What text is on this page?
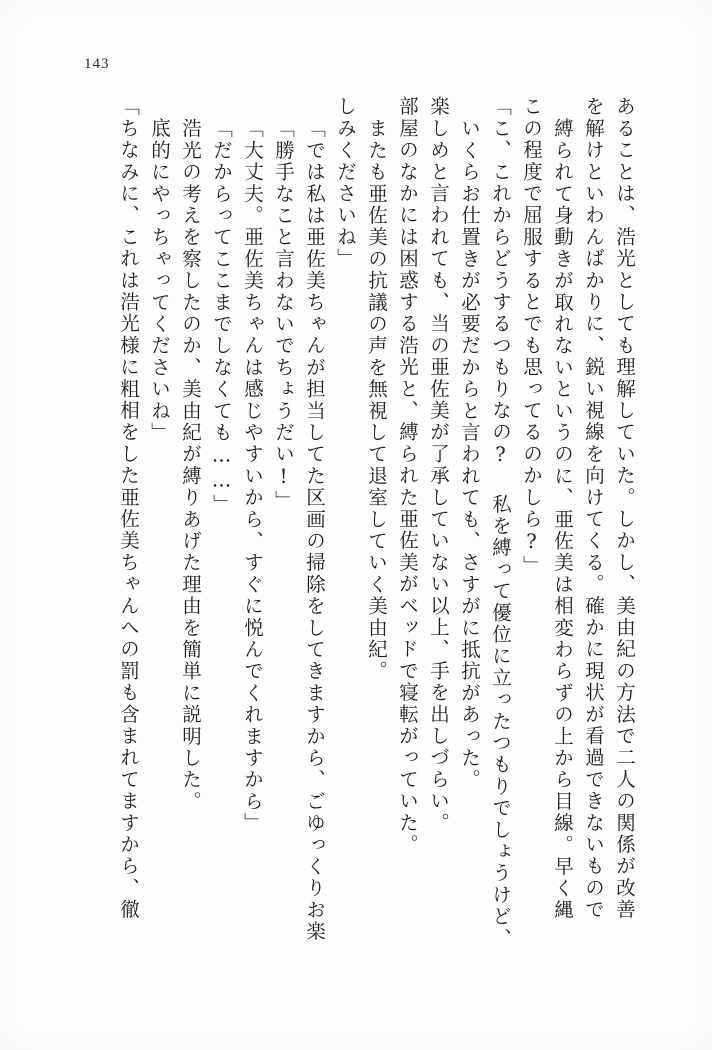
143
「ちなみに、これは浩光様に粗相をした亜佐美ちゃんへの罰も含まれてますから、徹 底的にやっちゃってくださいね」 浩光の考えを察したのか、美由紀が縛りあげた理由を簡単に説明した。 「だからってここまでしなくても……」 「大丈夫。亜佐美ちゃんは感じやすいから、すぐに悦んでくれますから」 「勝手なこと言わないでちょうだい!」 「では私は亜佐美ちゃんが担当してた区画の掃除をしてきますから、ごゆっくりお楽 しみくださいね」 またも亜佐美の抗議の声を無視して退室していく美由紀。 部屋のなかには困惑する浩光と、縛られた亜佐美がベッドで寝転がっていた。 楽しめと言われても、当の亜佐美が了承していない以上、手を出しづらい。 いくらお仕置きが必要だからと言われても、さすがに抵抗があった。 「こ、これからどうするつもりなの? 私を縛って優位に立ったつもりでしょうけど、 この程度で屈服するとでも思ってるのかしら?」 縛られて身動きが取れないというのに、亜佐美は相変わらずの上から目線。早く縄 を解けといわんばかりに、鋭い視線を向けてくる。確かに現状が看過できないもので あることは、浩光としても理解していた。しかし、美由紀の方法で二人の関係が改善
